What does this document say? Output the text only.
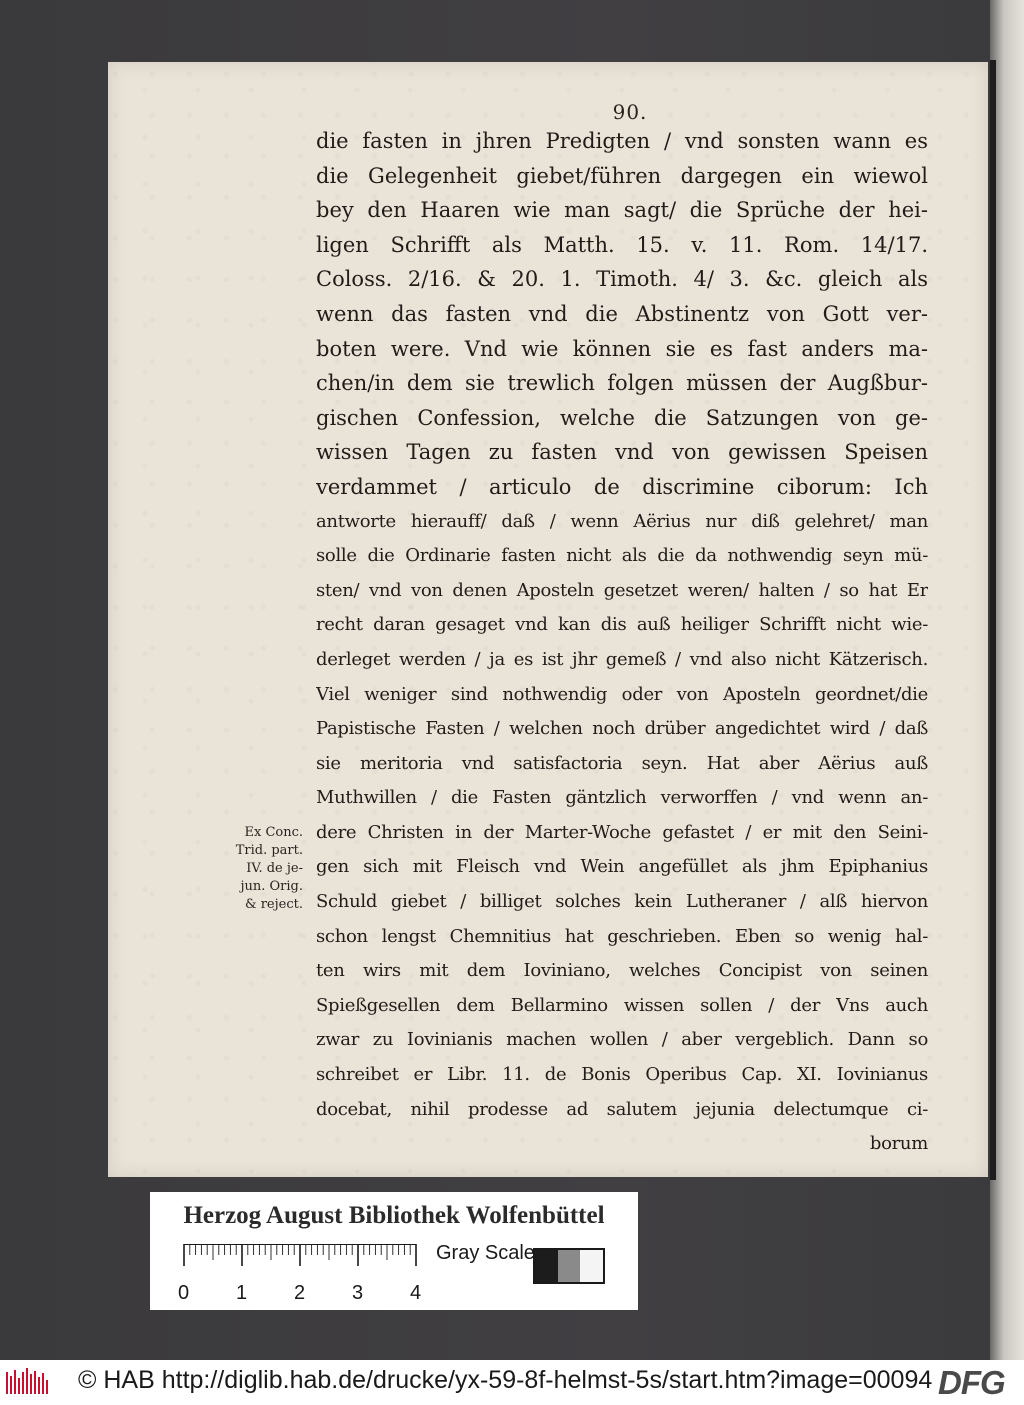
90.
die fasten in jhren Predigten / vnd sonsten wann es
die Gelegenheit giebet/führen dargegen ein wiewol
bey den Haaren wie man sagt/ die Sprüche der hei-
ligen Schrifft als Matth. 15. v. 11. Rom. 14/17.
Coloss. 2/16. & 20. 1. Timoth. 4/ 3. &c. gleich als
wenn das fasten vnd die Abstinentz von Gott ver-
boten were. Vnd wie können sie es fast anders ma-
chen/in dem sie trewlich folgen müssen der Augßbur-
gischen Confession, welche die Satzungen von ge-
wissen Tagen zu fasten vnd von gewissen Speisen
verdammet / articulo de discrimine ciborum: Ich
antworte hierauff/ daß / wenn Aërius nur diß gelehret/ man
solle die Ordinarie fasten nicht als die da nothwendig seyn mü-
sten/ vnd von denen Aposteln gesetzet weren/ halten / so hat Er
recht daran gesaget vnd kan dis auß heiliger Schrifft nicht wie-
derleget werden / ja es ist jhr gemeß / vnd also nicht Kätzerisch.
Viel weniger sind nothwendig oder von Aposteln geordnet/die
Papistische Fasten / welchen noch drüber angedichtet wird / daß
sie meritoria vnd satisfactoria seyn. Hat aber Aërius auß
Muthwillen / die Fasten gäntzlich verworffen / vnd wenn an-
dere Christen in der Marter-Woche gefastet / er mit den Seini-
gen sich mit Fleisch vnd Wein angefüllet als jhm Epiphanius
Schuld giebet / billiget solches kein Lutheraner / alß hiervon
schon lengst Chemnitius hat geschrieben. Eben so wenig hal-
ten wirs mit dem Ioviniano, welches Concipist von seinen
Spießgesellen dem Bellarmino wissen sollen / der Vns auch
zwar zu Iovinianis machen wollen / aber vergeblich. Dann so
schreibet er Libr. 11. de Bonis Operibus Cap. XI. Iovinianus
docebat, nihil prodesse ad salutem jejunia delectumque ci-
borum
Ex Conc.
Trid. part.
IV. de je-
jun. Orig.
& reject.
Herzog August Bibliothek Wolfenbüttel
0 1 2 3 4
Gray Scale
© HAB http://diglib.hab.de/drucke/yx-59-8f-helmst-5s/start.htm?image=00094 DFG
